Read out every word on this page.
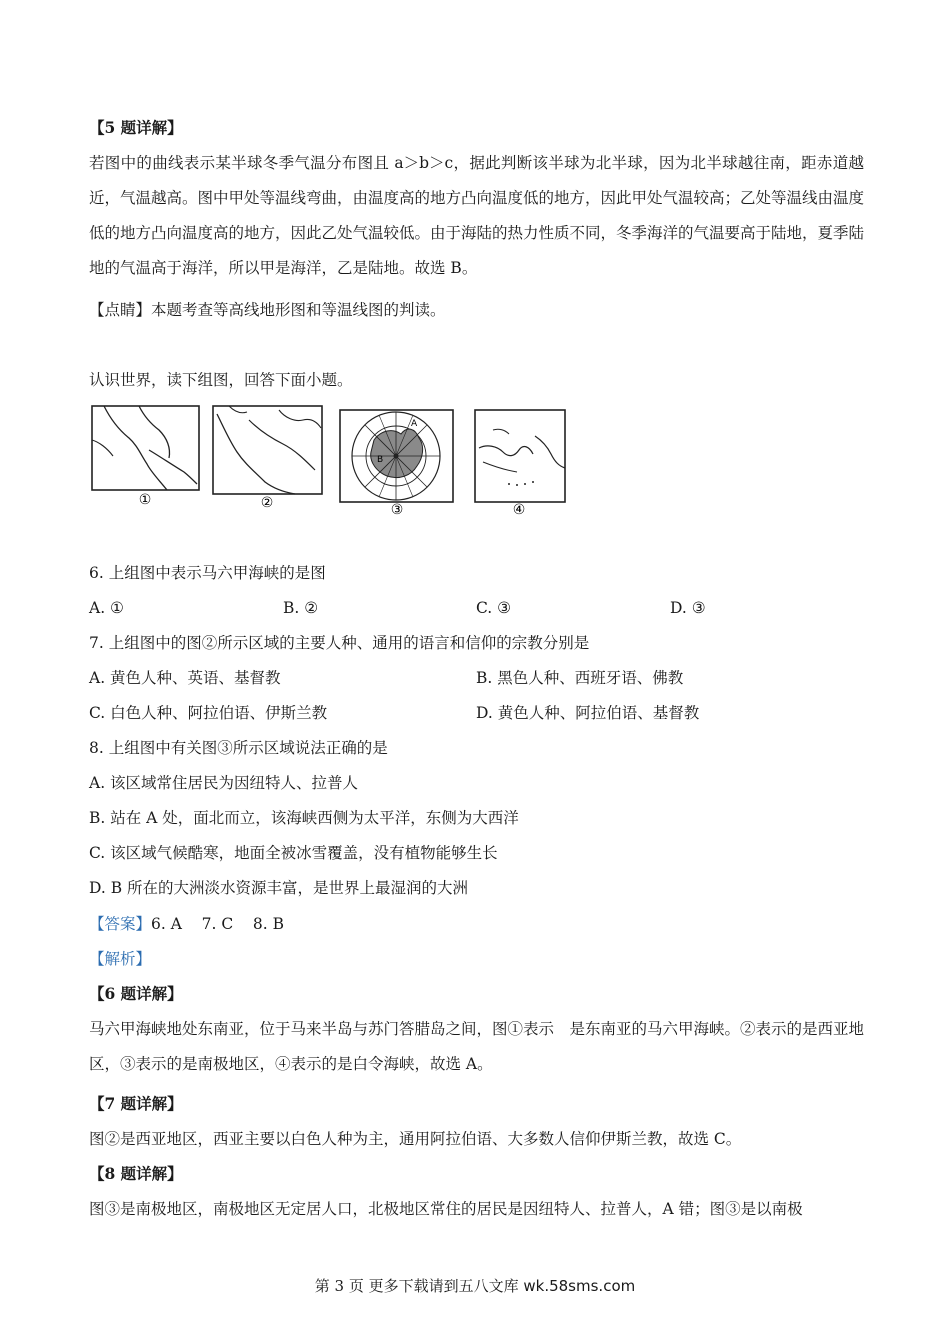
【5 题详解】
若图中的曲线表示某半球冬季气温分布图且 a＞b＞c，据此判断该半球为北半球，因为北半球越往南，距赤道越近，气温越高。图中甲处等温线弯曲，由温度高的地方凸向温度低的地方，因此甲处气温较高；乙处等温线由温度低的地方凸向温度高的地方，因此乙处气温较低。由于海陆的热力性质不同，冬季海洋的气温要高于陆地，夏季陆地的气温高于海洋，所以甲是海洋，乙是陆地。故选 B。
【点睛】本题考查等高线地形图和等温线图的判读。
认识世界，读下组图，回答下面小题。
①	②
A
B
③	④
6. 上组图中表示马六甲海峡的是图
A. ①	B. ②	C. ③	D. ③
7. 上组图中的图②所示区域的主要人种、通用的语言和信仰的宗教分别是
A. 黄色人种、英语、基督教	B. 黑色人种、西班牙语、佛教
C. 白色人种、阿拉伯语、伊斯兰教	D. 黄色人种、阿拉伯语、基督教
8. 上组图中有关图③所示区域说法正确的是
A. 该区域常住居民为因纽特人、拉普人
B. 站在 A 处，面北而立，该海峡西侧为太平洋，东侧为大西洋
C. 该区域气候酷寒，地面全被冰雪覆盖，没有植物能够生长
D. B 所在的大洲淡水资源丰富，是世界上最湿润的大洲
【答案】6. A    7. C    8. B
【解析】
【6 题详解】
马六甲海峡地处东南亚，位于马来半岛与苏门答腊岛之间，图①表示　是东南亚的马六甲海峡。②表示的是西亚地区，③表示的是南极地区，④表示的是白令海峡，故选 A。
【7 题详解】
图②是西亚地区，西亚主要以白色人种为主，通用阿拉伯语、大多数人信仰伊斯兰教，故选 C。
【8 题详解】
图③是南极地区，南极地区无定居人口，北极地区常住的居民是因纽特人、拉普人，A 错；图③是以南极
第 3 页 更多下载请到五八文库 wk.58sms.com
